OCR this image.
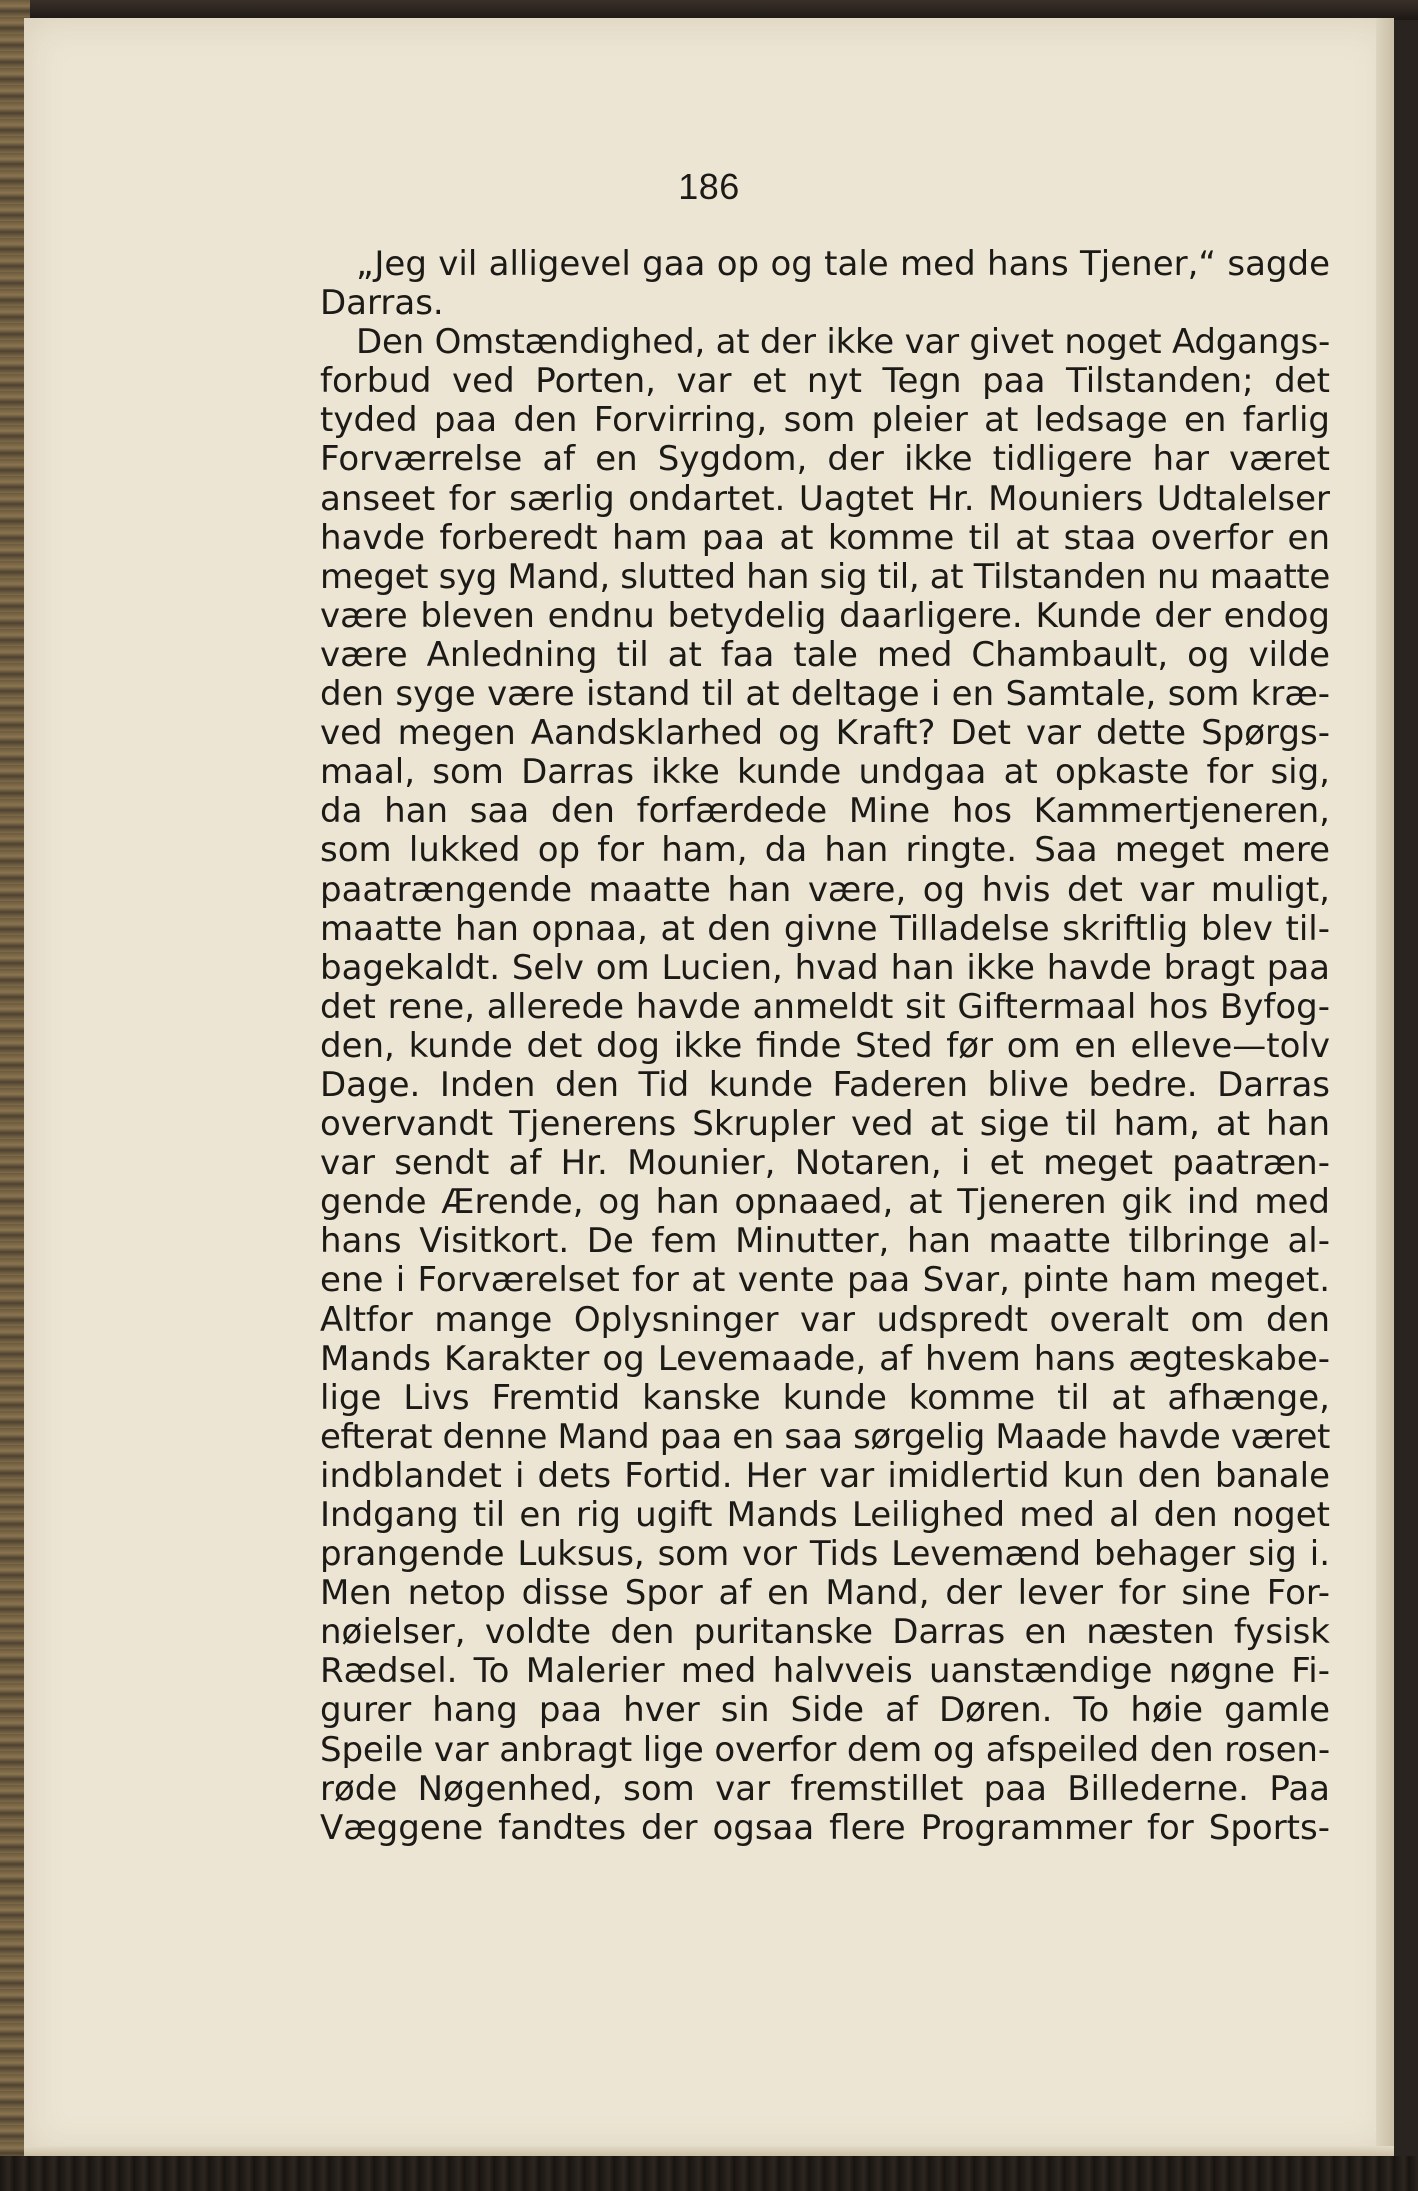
186
„Jeg vil alligevel gaa op og tale med hans Tjener,“ sagde
Darras.
Den Omstændighed, at der ikke var givet noget Adgangs-
forbud ved Porten, var et nyt Tegn paa Tilstanden; det
tyded paa den Forvirring, som pleier at ledsage en farlig
Forværrelse af en Sygdom, der ikke tidligere har været
anseet for særlig ondartet. Uagtet Hr. Mouniers Udtalelser
havde forberedt ham paa at komme til at staa overfor en
meget syg Mand, slutted han sig til, at Tilstanden nu maatte
være bleven endnu betydelig daarligere. Kunde der endog
være Anledning til at faa tale med Chambault, og vilde
den syge være istand til at deltage i en Samtale, som kræ-
ved megen Aandsklarhed og Kraft? Det var dette Spørgs-
maal, som Darras ikke kunde undgaa at opkaste for sig,
da han saa den forfærdede Mine hos Kammertjeneren,
som lukked op for ham, da han ringte. Saa meget mere
paatrængende maatte han være, og hvis det var muligt,
maatte han opnaa, at den givne Tilladelse skriftlig blev til-
bagekaldt. Selv om Lucien, hvad han ikke havde bragt paa
det rene, allerede havde anmeldt sit Giftermaal hos Byfog-
den, kunde det dog ikke finde Sted før om en elleve—tolv
Dage. Inden den Tid kunde Faderen blive bedre. Darras
overvandt Tjenerens Skrupler ved at sige til ham, at han
var sendt af Hr. Mounier, Notaren, i et meget paatræn-
gende Ærende, og han opnaaed, at Tjeneren gik ind med
hans Visitkort. De fem Minutter, han maatte tilbringe al-
ene i Forværelset for at vente paa Svar, pinte ham meget.
Altfor mange Oplysninger var udspredt overalt om den
Mands Karakter og Levemaade, af hvem hans ægteskabe-
lige Livs Fremtid kanske kunde komme til at afhænge,
efterat denne Mand paa en saa sørgelig Maade havde været
indblandet i dets Fortid. Her var imidlertid kun den banale
Indgang til en rig ugift Mands Leilighed med al den noget
prangende Luksus, som vor Tids Levemænd behager sig i.
Men netop disse Spor af en Mand, der lever for sine For-
nøielser, voldte den puritanske Darras en næsten fysisk
Rædsel. To Malerier med halvveis uanstændige nøgne Fi-
gurer hang paa hver sin Side af Døren. To høie gamle
Speile var anbragt lige overfor dem og afspeiled den rosen-
røde Nøgenhed, som var fremstillet paa Billederne. Paa
Væggene fandtes der ogsaa flere Programmer for Sports-
